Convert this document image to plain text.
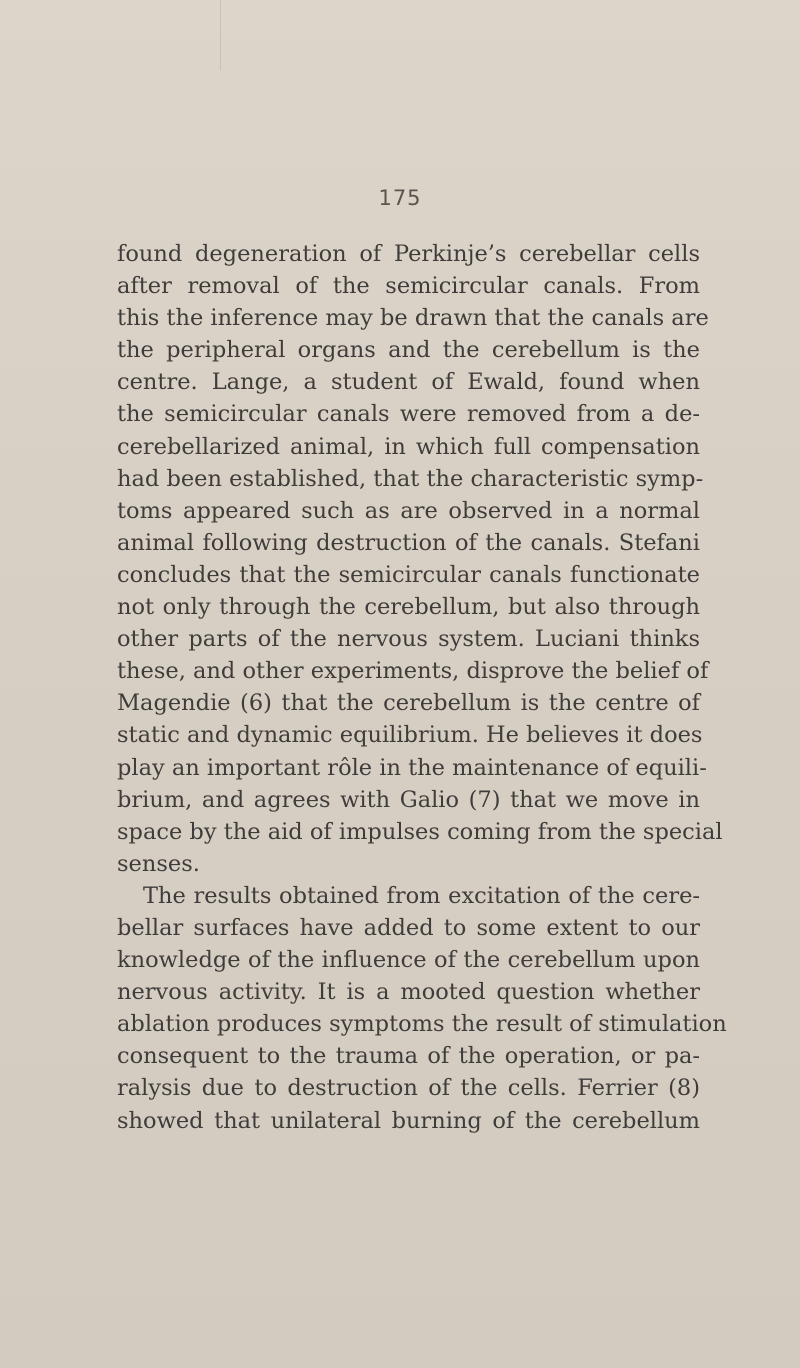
175
found degeneration of Perkinje’s cerebellar cells
after removal of the semicircular canals. From
this the inference may be drawn that the canals are
the peripheral organs and the cerebellum is the
centre. Lange, a student of Ewald, found when
the semicircular canals were removed from a de-
cerebellarized animal, in which full compensation
had been established, that the characteristic symp-
toms appeared such as are observed in a normal
animal following destruction of the canals. Stefani
concludes that the semicircular canals functionate
not only through the cerebellum, but also through
other parts of the nervous system. Luciani thinks
these, and other experiments, disprove the belief of
Magendie (6) that the cerebellum is the centre of
static and dynamic equilibrium. He believes it does
play an important rôle in the maintenance of equili-
brium, and agrees with Galio (7) that we move in
space by the aid of impulses coming from the special
senses.
The results obtained from excitation of the cere-
bellar surfaces have added to some extent to our
knowledge of the influence of the cerebellum upon
nervous activity. It is a mooted question whether
ablation produces symptoms the result of stimulation
consequent to the trauma of the operation, or pa-
ralysis due to destruction of the cells. Ferrier (8)
showed that unilateral burning of the cerebellum
